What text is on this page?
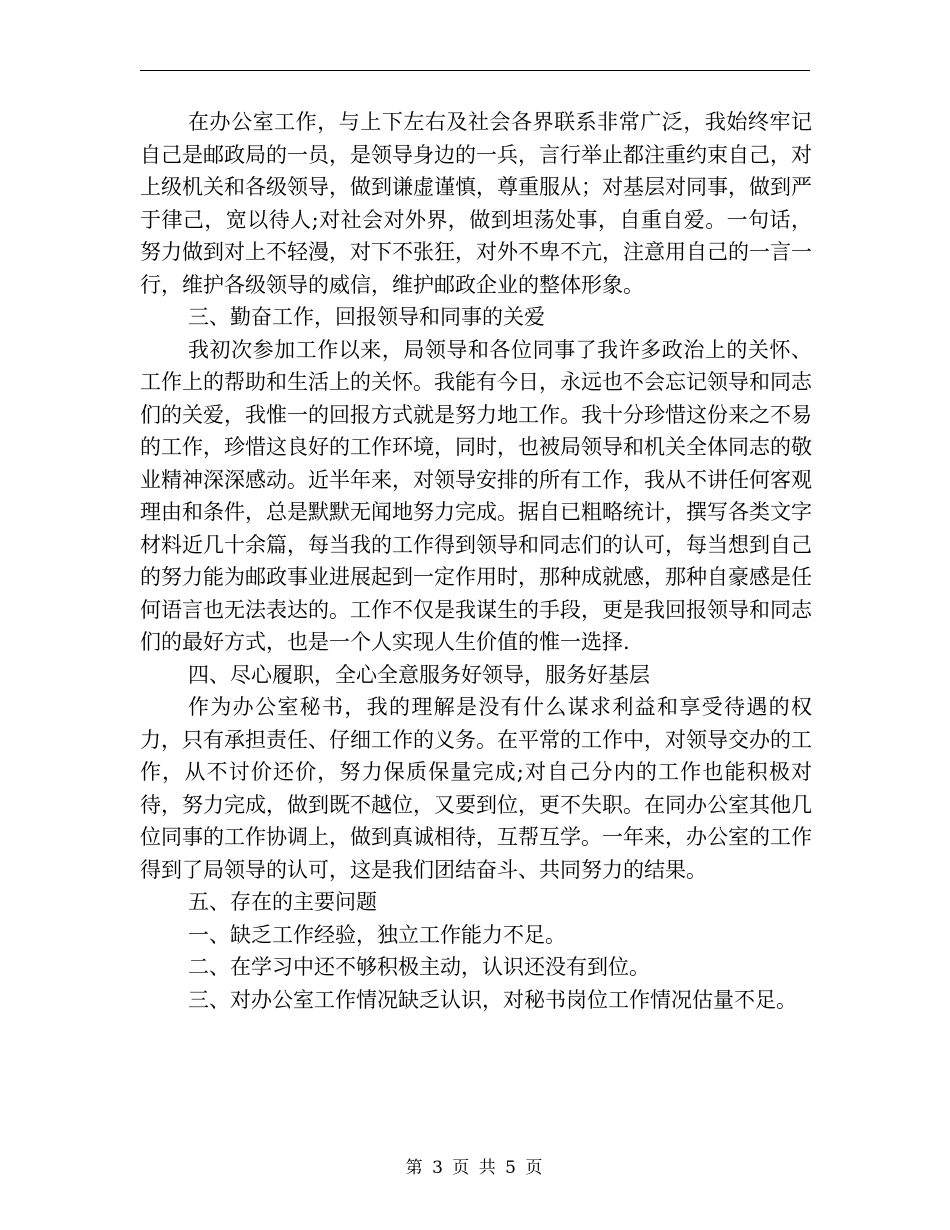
在办公室工作，与上下左右及社会各界联系非常广泛，我始终牢记自己是邮政局的一员，是领导身边的一兵，言行举止都注重约束自己，对上级机关和各级领导，做到谦虚谨慎，尊重服从；对基层对同事，做到严于律己，宽以待人;对社会对外界，做到坦荡处事，自重自爱。一句话，努力做到对上不轻漫，对下不张狂，对外不卑不亢，注意用自己的一言一行，维护各级领导的威信，维护邮政企业的整体形象。

三、勤奋工作，回报领导和同事的关爱

我初次参加工作以来，局领导和各位同事了我许多政治上的关怀、工作上的帮助和生活上的关怀。我能有今日，永远也不会忘记领导和同志们的关爱，我惟一的回报方式就是努力地工作。我十分珍惜这份来之不易的工作，珍惜这良好的工作环境，同时，也被局领导和机关全体同志的敬业精神深深感动。近半年来，对领导安排的所有工作，我从不讲任何客观理由和条件，总是默默无闻地努力完成。据自已粗略统计，撰写各类文字材料近几十余篇，每当我的工作得到领导和同志们的认可，每当想到自己的努力能为邮政事业进展起到一定作用时，那种成就感，那种自豪感是任何语言也无法表达的。工作不仅是我谋生的手段，更是我回报领导和同志们的最好方式，也是一个人实现人生价值的惟一选择.

四、尽心履职，全心全意服务好领导，服务好基层

作为办公室秘书，我的理解是没有什么谋求利益和享受待遇的权力，只有承担责任、仔细工作的义务。在平常的工作中，对领导交办的工作，从不讨价还价，努力保质保量完成;对自己分内的工作也能积极对待，努力完成，做到既不越位，又要到位，更不失职。在同办公室其他几位同事的工作协调上，做到真诚相待，互帮互学。一年来，办公室的工作得到了局领导的认可，这是我们团结奋斗、共同努力的结果。

五、存在的主要问题

一、缺乏工作经验，独立工作能力不足。

二、在学习中还不够积极主动，认识还没有到位。

三、对办公室工作情况缺乏认识，对秘书岗位工作情况估量不足。

第 3 页 共 5 页
